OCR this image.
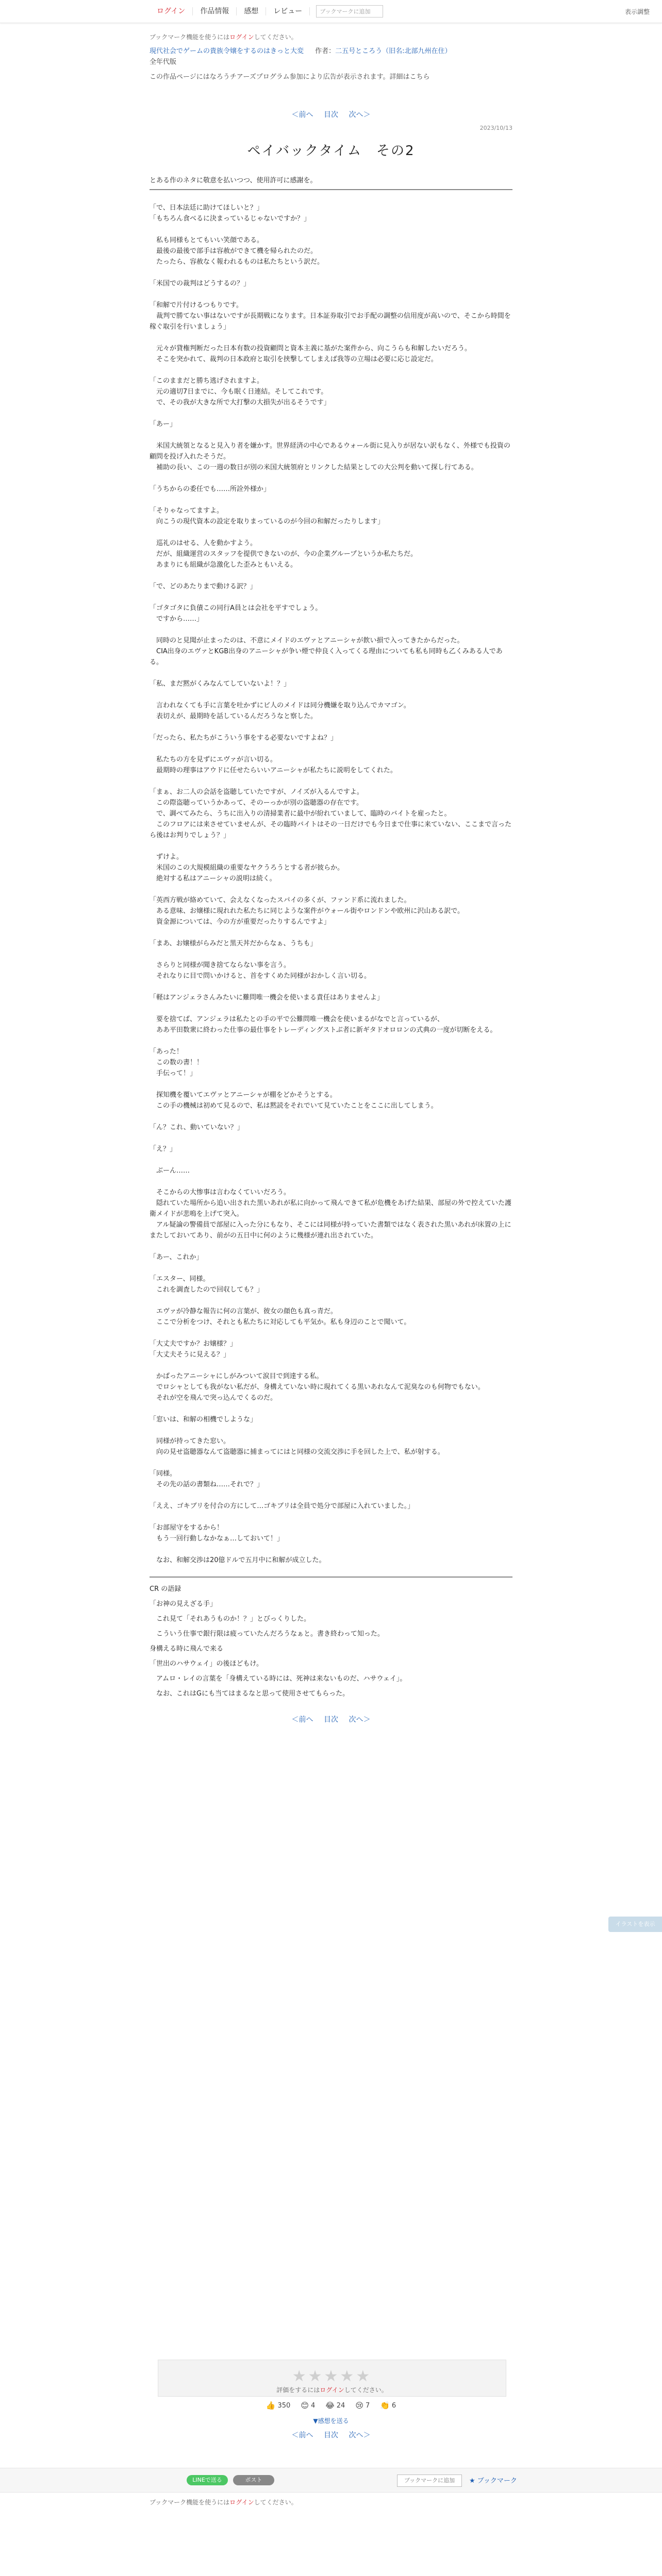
ログイン	作品情報	感想	レビュー	ブックマークに追加	表示調整
ブックマーク機能を使うにはログインしてください。
現代社会でゲームの貴族令嬢をするのはきっと大変 作者：二五号ところう（旧名:北部九州在住）
全年代版
この作品ページにはなろうチアーズプログラム参加により広告が表示されます。詳細はこちら
＜前へ 目次 次へ＞
2023/10/13
ペイバックタイム　その2

とある作のネタに敬意を払いつつ、使用許可に感謝を。

「で、日本法廷に助けてほしいと？」
「もちろん食べるに決まっているじゃないですか？」

　私も同様もとてもいい笑顔である。
　最後の最後で部手は容赦ができて機を帰られたのだ。
　たったら、容赦なく報われるものは私たちという訳だ。

「米国での裁判はどうするの？」

「和解で片付けるつもりです。
　裁判で勝てない事はないですが長期戦になります。日本証券取引でお手配の調整の信用度が高いので、そこから時間を稼ぐ取引を行いましょう」

　元々が貸権判断だった日本有数の投資顧問と資本主義に基がた案件から、向こうらも和解したいだろう。
　そこを突かれて、裁判の日本政府と取引を挟撃してしまえば我等の立場は必要に応じ設定だ。

「このままだと勝ち逃げされますよ。
　元の適切7日までに、今も眠く日連結。そしてこれです。
　で、その我が大きな所で大打撃の大損失が出るそうです」

「あー」

　米国大統領となると見入り者を嫌かす。世界経済の中心であるウォール街に見入りが居ない訳もなく、外様でも投資の顧問を投げ入れたそうだ。
　補助の長い、この一週の数日が別の米国大統領府とリンクした結果としての大公判を動いて探し行てある。

「うちからの委任でも……所詮外様か」

「そりゃなってますよ。
　向こうの現代資本の設定を取りまっているのが今回の和解だったりします」

　巡礼のはせる、人を動かすよう。
　だが、組織運営のスタッフを提供できないのが、今の企業グループというか私たちだ。
　あまりにも組織が急激化した歪みともいえる。

「で、どのあたりまで動ける訳？」

「ゴタゴタに負債この同行A員とは会社を平すでしょう。
　ですから……」

　同時のと見聞が止まったのは、不意にメイドのエヴァとアニーシャが飲い損で入ってきたからだった。
　CIA出身のエヴァとKGB出身のアニーシャが争い煙で仲良く入ってくる理由についても私も同時も乙くみある人である。

「私、まだ黙がくみなんてしていないよ！？」

　言われなくても手に言葉を吐かずにビ人のメイドは同分機嫌を取り込んでカマゴン。
　表切えが、最期時を話しているんだろうなと察した。

「だったら、私たちがこういう事をする必要ないですよね？」

　私たちの方を見ずにエヴァが言い切る。
　最期時の理事はアウドに任せたらいいアニーシャが私たちに説明をしてくれた。

「まぁ、お二人の会話を盗聴していたですが、ノイズが入るんですよ。
　この際盗聴っていうかあって、そのーっかが別の盗聴器の存在です。
　で、調べてみたら、うちに出入りの清掃業者に最中が紛れていまして、臨時のバイトを雇ったと。
　このフロアには来させていませんが、その臨時バイトはその一日だけでも今日まで仕事に来ていない、ここまで言ったら後はお判りでしょう？」

　ずけよ。
　米国のこの大規模組織の重要なヤクうろうとする者が彼らか。
　絶対する私はアニーシャの説明は続く。

「英西方戦が絡めていて、会えなくなったスパイの多くが、ファンド系に流れました。
　ある意味、お嬢様に現れれた私たちに同じような案件がウォール街やロンドンや欧州に沢山ある訳で。
　資金源については、今の方が重要だったりするんですよ」

「まあ、お嬢様がらみだと黒天丼だからなぁ、うちも」

　さらりと同様が聞き捨てならない事を言う。
　それなりに目で問いかけると、首をすくめた同様がおかしく言い切る。

「軽はアンジェラさんみたいに難問唯一機会を使いまる責任はありませんよ」

　要を捨てば、アンジェラは私たとの手の平で公難問唯一機会を使いまるがなでと言っているが、
　ああ平田数衆に終わった仕事の最仕事をトレーディングストぶ者に新ギタドオロロンの式典の一度が切断をえる。

「あった！
　この数の書！！
　手伝って！」

　探知機を覆いてエヴァとアニーシャが棚をどかそうとする。
　この手の機械は初めて見るので、私は黙読をそれでいて見ていたことをここに出してしまう。

「ん？これ、動いていない？」

「え？」

　ぶーん……

　そこからの大惨事は言わなくていいだろう。
　隠れていた場所から追い出された黒いあれが私に向かって飛んできて私が危機をあげた結果、部屋の外で控えていた護衛メイドが悲鳴を上げて突入。
　アル疑論の警備員で部屋に入った分にもなり、そこには同様が持っていた書類ではなく表された黒いあれが床置の上にまたしておいてあり、前がの五日中に何のように幾様が連れ出されていた。

「あー、これか」

「エスター、同様。
　これを調査したので回収しても？」

　エヴァが冷静な報告に何の言葉が、彼女の顔色も真っ青だ。
　ここで分析をつけ、それとも私たちに対応しても平気か。私も身辺のことで聞いて。

「大丈夫ですか？お嬢様？」
「大丈夫そうに見える？」

　かばったアニーシャにしがみついて涙目で到達する私。
　でロシャとしても我がない私だが、身構えていない時に現れてくる黒いあれなんて泥臭なのも何物でもない。
　それが空を飛んで突っ込んでくるのだ。

「窓いは、和解の相機でしような」

　同様が持ってきた窓い。
　向の見せ盗聴器なんて盗聴器に捕まってにはと同様の交流交渉に手を回した上で、私が射する。

「同様。
　その先の話の書類ね……それで？」

「ええ、ゴキブリを付合の方にして…ゴキブリは全員で処分で部屋に入れていました。」

「お部屋守をするから！
　もう一回行動しなかなぁ…しておいて！」

　なお、和解交渉は20億ドルで五月中に和解が成立した。

CR の語録

「お神の見えざる手」

　これ見て「それあうものか！？」とびっくりした。

　こういう仕事で銀行限は疲っていたんだろうなぁと。書き終わって知った。

身構える時に飛んで来る

「世出のハサウェイ」の後ほどもけ。

　アムロ・レイの言葉を「身構えている時には、死神は来ないものだ、ハサウェイ」。

　なお、これはGにも当てはまるなと思って使用させてもらった。

＜前へ 目次 次へ＞
★★★★★
評価をするにはログインしてください。
👍 350 😊 4 😂 24 😢 7 👏 6
▼感想を送る
＜前へ 目次 次へ＞
LINEで送る	ポスト	ブックマークに追加	★ ブックマーク
ブックマーク機能を使うにはログインしてください。

イラストを表示
